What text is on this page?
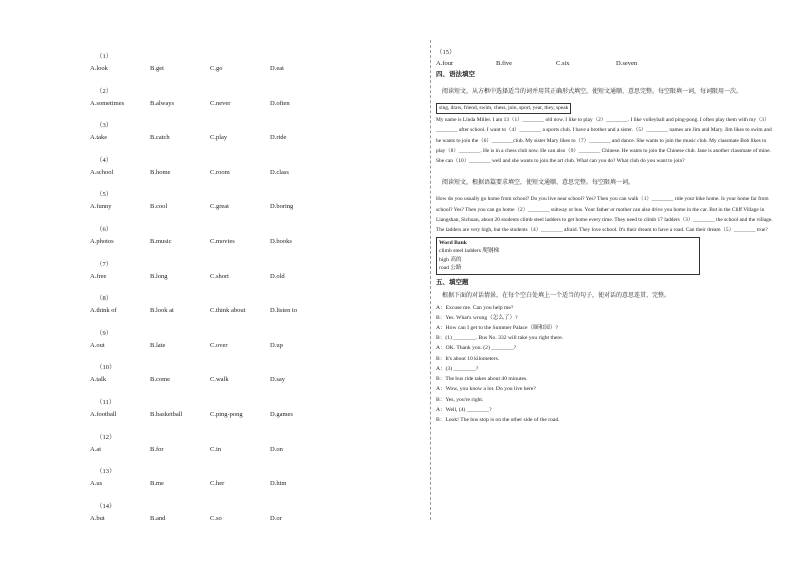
（1）
A.look	B.get	C.go	D.eat
（2）
A.sometimes	B.always	C.never	D.often
（3）
A.take	B.catch	C.play	D.ride
（4）
A.school	B.home	C.room	D.class
（5）
A.funny	B.cool	C.great	D.boring
（6）
A.photos	B.music	C.movies	D.books
（7）
A.free	B.long	C.short	D.old
（8）
A.think of	B.look at	C.think about	D.listen to
（9）
A.out	B.late	C.over	D.up
（10）
A.talk	B.come	C.walk	D.say
（11）
A.football	B.basketball	C.ping-pong	D.games
（12）
A.at	B.for	C.in	D.on
（13）
A.us	B.me	C.her	D.him
（14）
A.but	B.and	C.so	D.or
（15）
A.four	B.five	C.six	D.seven
四、语法填空
阅读短文，从方框中选择适当的词并用其正确形式填空，使短文通顺、意思完整。每空限填一词，每词限用一次。
sing, draw, friend, swim, chess, join, sport, year, they, speak

My name is Linda Miller. I am 13（1）________ old now. I like to play（2）________. I like volleyball and ping-pong. I often play them with my（3）________ after school. I want to（4）________ a sports club. I have a brother and a sister.（5）________ names are Jim and Mary. Jim likes to swim and he wants to join the（6）________club. My sister Mary likes to（7）________ and dance. She wants to join the music club. My classmate Bob likes to play（8）________. He is in a chess club now. He can also（9）________ Chinese. He wants to join the Chinese club. Jane is another classmate of mine. She can（10）________ well and she wants to join the art club. What can you do? What club do you want to join?

阅读短文，根据语篇要求填空，使短文通顺、意思完整。每空限填一词。

How do you usually go home from school? Do you live near school? Yes? Then you can walk（1）________ ride your bike home. Is your home far from school? Yes? Then you can go home（2）________ subway or bus. Your father or mother can also drive you home in the car. But in the Cliff Village in Liangshan, Sichuan, about 20 students climb steel ladders to get home every time. They need to climb 17 ladders（3）________ the school and the village. The ladders are very high, but the students（4）________ afraid. They love school. It's their dream to have a road. Can their dream（5）________ true?

Word Bank
climb steel ladders 爬钢梯
high 高的
road 公路
五、填空题
根据下面的对话情景，在每个空白处填上一个适当的句子，使对话的意思连贯、完整。
A：Excuse me. Can you help me?
B：Yes. What's wrong（怎么了）?
A：How can I get to the Summer Palace（颐和园）?
B：(1) ________. Bus No. 332 will take you right there.
A：OK. Thank you. (2) ________?
B：It's about 10 kilometers.
A：(3) ________?
B：The bus ride takes about 40 minutes.
A：Wow, you know a lot. Do you live here?
B：Yes, you're right.
A：Well, (4) ________?
B：Look! The bus stop is on the other side of the road.
